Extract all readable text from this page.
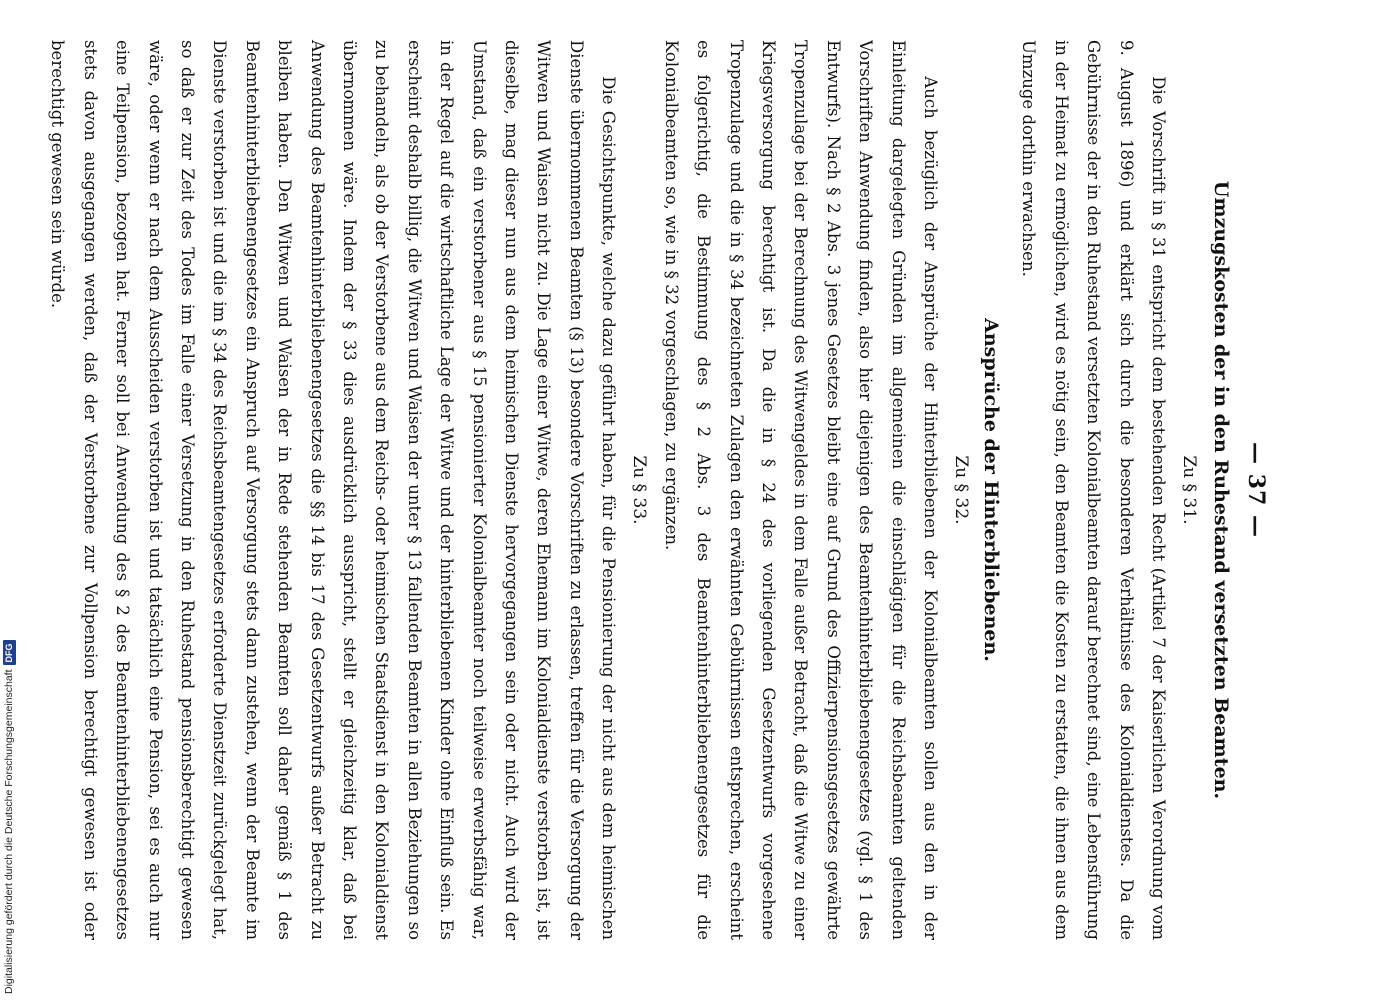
— 37 —
Umzugskosten der in den Ruhestand versetzten Beamten.
Zu § 31.

Die Vorschrift in § 31 entspricht dem bestehenden Recht (Artikel 7 der Kaiserlichen Verordnung vom 9. August 1896) und erklärt sich durch die besonderen Verhältnisse des Kolonialdienstes. Da die Gebührnisse der in den Ruhestand versetzten Kolonialbeamten darauf berechnet sind, eine Lebensführung in der Heimat zu ermöglichen, wird es nötig sein, den Beamten die Kosten zu erstatten, die ihnen aus dem Umzuge dorthin erwachsen.

Ansprüche der Hinterbliebenen.
Zu § 32.

Auch bezüglich der Ansprüche der Hinterbliebenen der Kolonialbeamten sollen aus den in der Einleitung dargelegten Gründen im allgemeinen die einschlägigen für die Reichsbeamten geltenden Vorschriften Anwendung finden, also hier diejenigen des Beamtenhinterbliebenengesetzes (vgl. § 1 des Entwurfs). Nach § 2 Abs. 3 jenes Gesetzes bleibt eine auf Grund des Offizierpensionsgesetzes gewährte Tropenzulage bei der Berechnung des Witwengeldes in dem Falle außer Betracht, daß die Witwe zu einer Kriegsversorgung berechtigt ist. Da die in § 24 des vorliegenden Gesetzentwurfs vorgesehene Tropenzulage und die in § 34 bezeichneten Zulagen den erwähnten Gebührnissen entsprechen, erscheint es folgerichtig, die Bestimmung des § 2 Abs. 3 des Beamtenhinterbliebenengesetzes für die Kolonialbeamten so, wie in § 32 vorgeschlagen, zu ergänzen.

Zu § 33.

Die Gesichtspunkte, welche dazu geführt haben, für die Pensionierung der nicht aus dem heimischen Dienste übernommenen Beamten (§ 13) besondere Vorschriften zu erlassen, treffen für die Versorgung der Witwen und Waisen nicht zu. Die Lage einer Witwe, deren Ehemann im Kolonialdienste verstorben ist, ist dieselbe, mag dieser nun aus dem heimischen Dienste hervorgegangen sein oder nicht. Auch wird der Umstand, daß ein verstorbener aus § 15 pensionierter Kolonialbeamter noch teilweise erwerbsfähig war, in der Regel auf die wirtschaftliche Lage der Witwe und der hinterbliebenen Kinder ohne Einfluß sein. Es erscheint deshalb billig, die Witwen und Waisen der unter § 13 fallenden Beamten in allen Beziehungen so zu behandeln, als ob der Verstorbene aus dem Reichs- oder heimischen Staatsdienst in den Kolonialdienst übernommen wäre. Indem der § 33 dies ausdrücklich ausspricht, stellt er gleichzeitig klar, daß bei Anwendung des Beamtenhinterbliebenengesetzes die §§ 14 bis 17 des Gesetzentwurfs außer Betracht zu bleiben haben. Den Witwen und Waisen der in Rede stehenden Beamten soll daher gemäß § 1 des Beamtenhinterbliebenengesetzes ein Anspruch auf Versorgung stets dann zustehen, wenn der Beamte im Dienste verstorben ist und die im § 34 des Reichsbeamtengesetzes erforderte Dienstzeit zurückgelegt hat, so daß er zur Zeit des Todes im Falle einer Versetzung in den Ruhestand pensionsberechtigt gewesen wäre, oder wenn er nach dem Ausscheiden verstorben ist und tatsächlich eine Pension, sei es auch nur eine Teilpension, bezogen hat. Ferner soll bei Anwendung des § 2 des Beamtenhinterbliebenengesetzes stets davon ausgegangen werden, daß der Verstorbene zur Vollpension berechtigt gewesen ist oder berechtigt gewesen sein würde.

Digitalisierung gefördert durch die Deutsche Forschungsgemeinschaft
DFG
